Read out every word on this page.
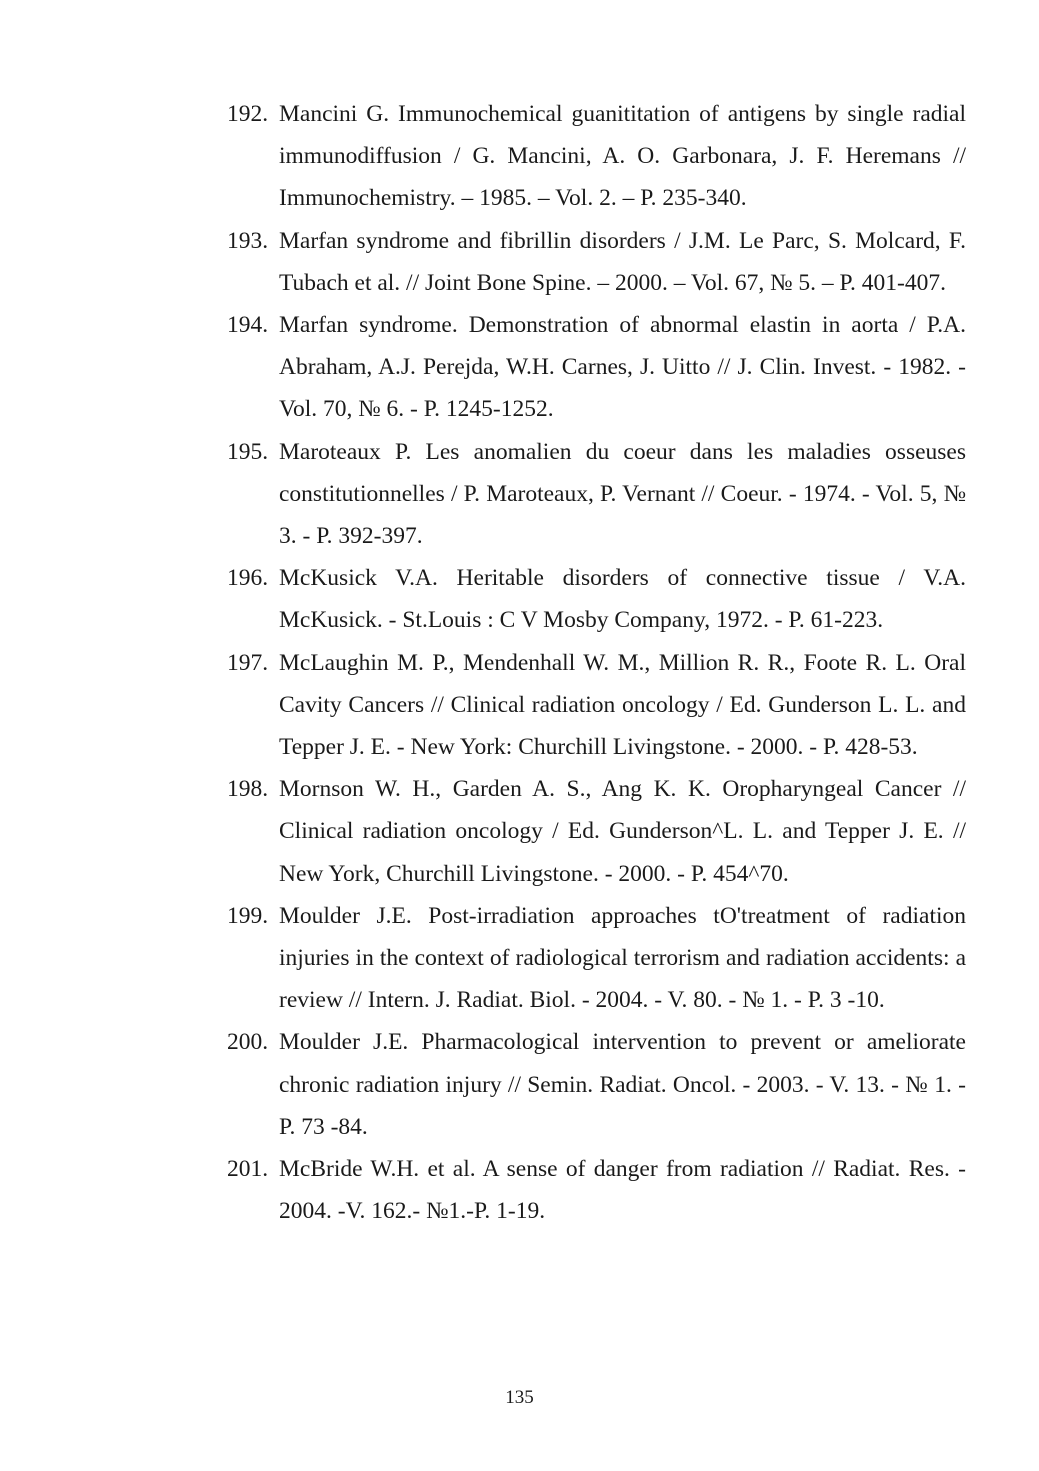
192. Mancini G. Immunochemical guanititation of antigens by single radial immunodiffusion / G. Mancini, A. O. Garbonara, J. F. Heremans // Immunochemistry. – 1985. – Vol. 2. – P. 235-340.
193. Marfan syndrome and fibrillin disorders / J.M. Le Parc, S. Molcard, F. Tubach et al. // Joint Bone Spine. – 2000. – Vol. 67, № 5. – P. 401-407.
194. Marfan syndrome. Demonstration of abnormal elastin in aorta / P.A. Abraham, A.J. Perejda, W.H. Carnes, J. Uitto // J. Clin. Invest. - 1982. - Vol. 70, № 6. - P. 1245-1252.
195. Maroteaux P. Les anomalien du coeur dans les maladies osseuses constitutionnelles / P. Maroteaux, P. Vernant // Coeur. - 1974. - Vol. 5, № 3. - P. 392-397.
196. McKusick V.A. Heritable disorders of connective tissue / V.A. McKusick. - St.Louis : C V Mosby Company, 1972. - P. 61-223.
197. McLaughin M. P., Mendenhall W. M., Million R. R., Foote R. L. Oral Cavity Cancers // Clinical radiation oncology / Ed. Gunderson L. L. and Tepper J. E. - New York: Churchill Livingstone. - 2000. - P. 428-53.
198. Mornson W. H., Garden A. S., Ang K. K. Oropharyngeal Cancer // Clinical radiation oncology / Ed. Gunderson^L. L. and Tepper J. E. // New York, Churchill Livingstone. - 2000. - P. 454^70.
199. Moulder J.E. Post-irradiation approaches tO'treatment of radiation injuries in the context of radiological terrorism and radiation accidents: a review // Intern. J. Radiat. Biol. - 2004. - V. 80. - № 1. - P. 3 -10.
200. Moulder J.E. Pharmacological intervention to prevent or ameliorate chronic radiation injury // Semin. Radiat. Oncol. - 2003. - V. 13. - № 1. - P. 73 -84.
201. McBride W.H. et al. A sense of danger from radiation // Radiat. Res. - 2004. -V. 162.- №1.-P. 1-19.
135
